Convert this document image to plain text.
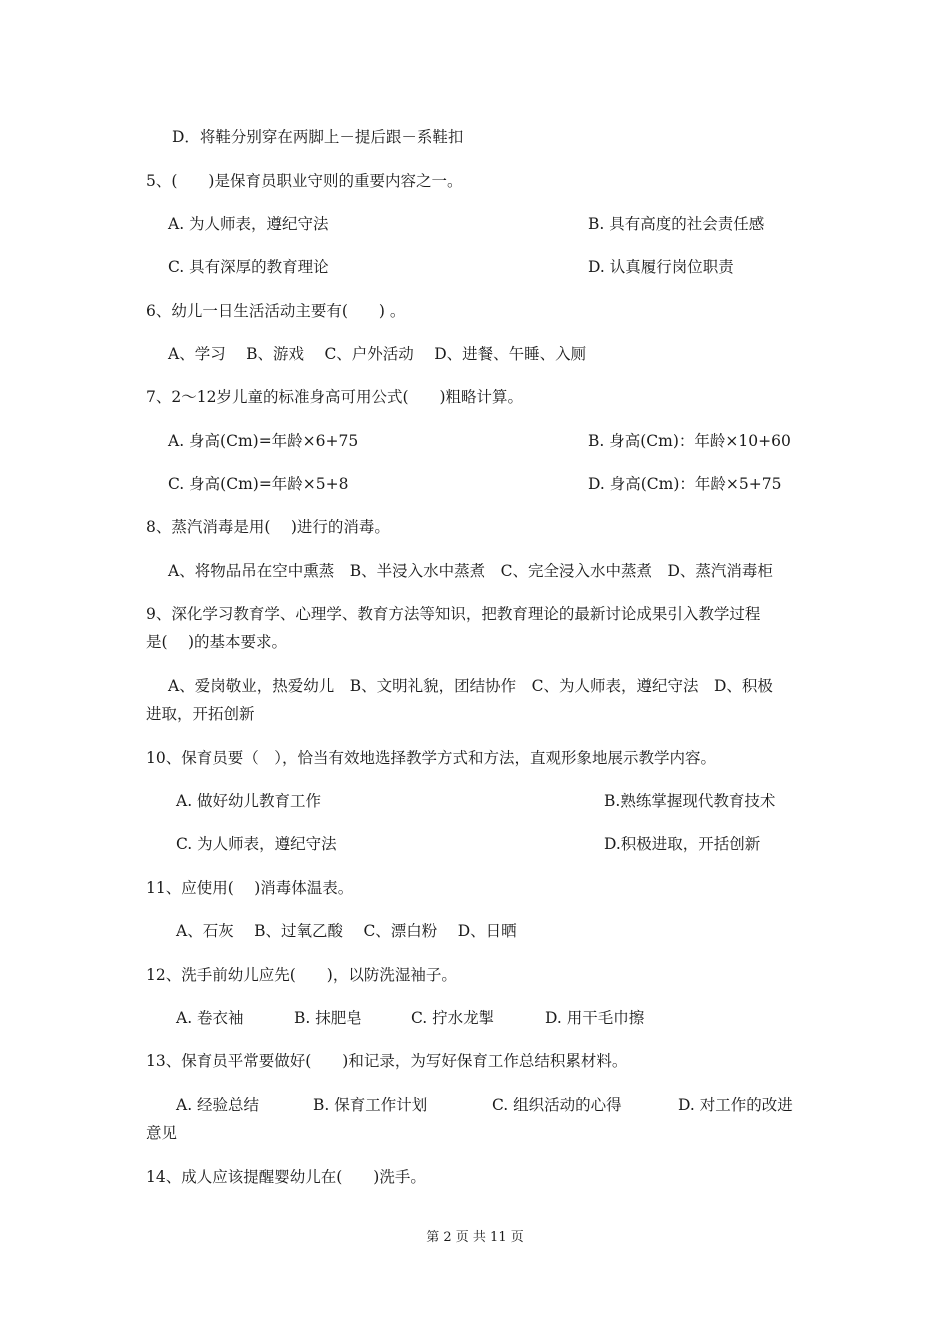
D．将鞋分别穿在两脚上－提后跟－系鞋扣
5、(　　)是保育员职业守则的重要内容之一。
A. 为人师表，遵纪守法	B. 具有高度的社会责任感
C. 具有深厚的教育理论	D. 认真履行岗位职责
6、幼儿一日生活活动主要有(　　) 。
A、学习　 B、游戏　 C、户外活动　 D、进餐、午睡、入厕
7、2～12岁儿童的标准身高可用公式(　　)粗略计算。
A. 身高(Cm)=年龄×6+75	B. 身高(Cm)：年龄×10+60
C. 身高(Cm)=年龄×5+8	D. 身高(Cm)：年龄×5+75
8、蒸汽消毒是用(　 )进行的消毒。
A、将物品吊在空中熏蒸　B、半浸入水中蒸煮　C、完全浸入水中蒸煮　D、蒸汽消毒柜
9、深化学习教育学、心理学、教育方法等知识，把教育理论的最新讨论成果引入教学过程
是(　 )的基本要求。
A、爱岗敬业，热爱幼儿　B、文明礼貌，团结协作　C、为人师表，遵纪守法　D、积极
进取，开拓创新
10、保育员要（　），恰当有效地选择教学方式和方法，直观形象地展示教学内容。
A. 做好幼儿教育工作	B.熟练掌握现代教育技术
C. 为人师表，遵纪守法	D.积极进取，开括创新
11、应使用(　 )消毒体温表。
A、石灰　 B、过氧乙酸　 C、漂白粉　 D、日晒
12、洗手前幼儿应先(　　)，以防洗湿袖子。
A. 卷衣袖	B. 抹肥皂	C. 拧水龙掣	D. 用干毛巾擦
13、保育员平常要做好(　　)和记录，为写好保育工作总结积累材料。
A. 经验总结	B. 保育工作计划	C. 组织活动的心得	D. 对工作的改进
意见
14、成人应该提醒婴幼儿在(　　)洗手。
第 2 页 共 11 页
